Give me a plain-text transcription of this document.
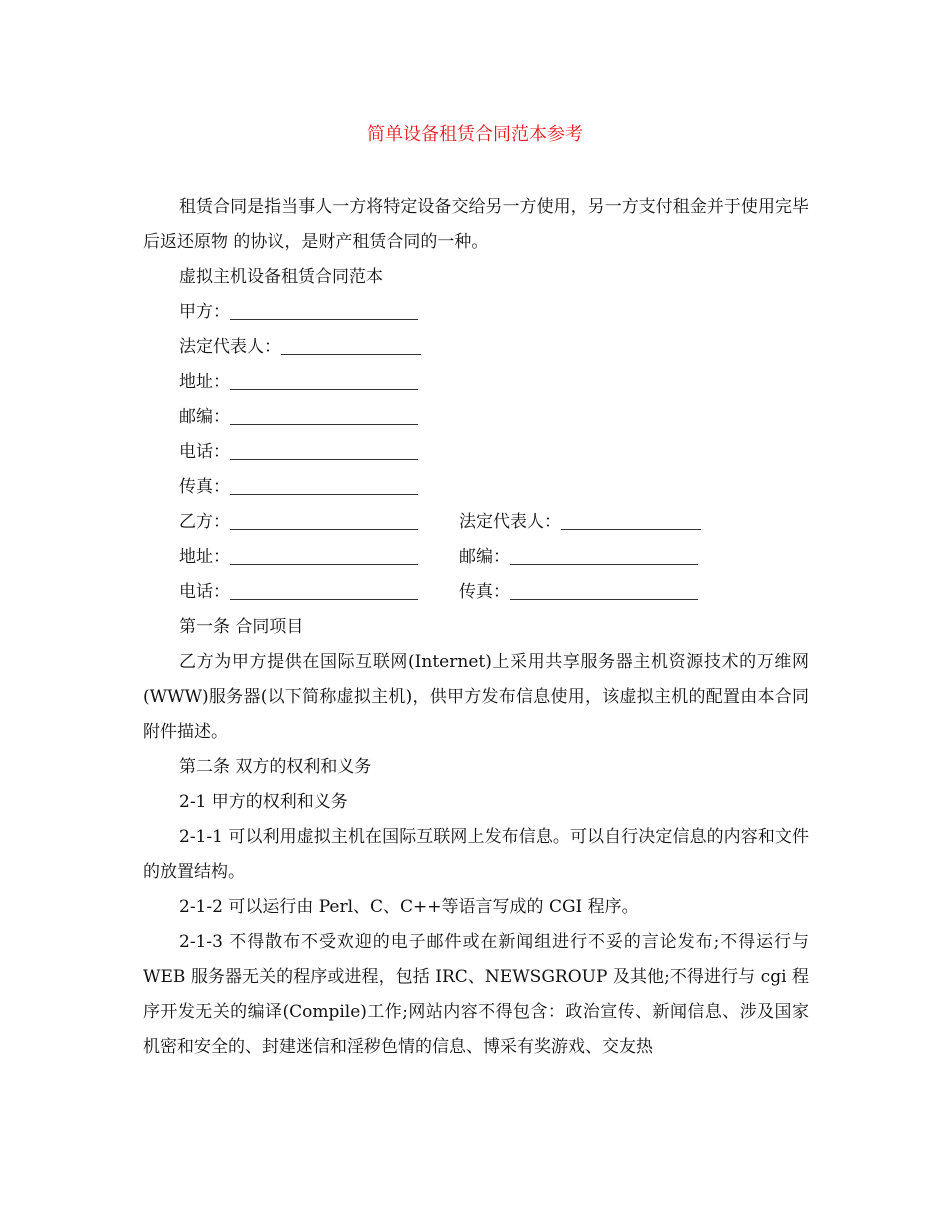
简单设备租赁合同范本参考

租赁合同是指当事人一方将特定设备交给另一方使用，另一方支付租金并于使用完毕后返还原物 的协议，是财产租赁合同的一种。

虚拟主机设备租赁合同范本

甲方：

法定代表人：

地址：

邮编：

电话：

传真：

乙方：	法定代表人：

地址：	邮编：

电话：	传真：

第一条 合同项目

乙方为甲方提供在国际互联网(Internet)上采用共享服务器主机资源技术的万维网(WWW)服务器(以下简称虚拟主机)，供甲方发布信息使用，该虚拟主机的配置由本合同附件描述。

第二条 双方的权利和义务

2-1 甲方的权利和义务

2-1-1 可以利用虚拟主机在国际互联网上发布信息。可以自行决定信息的内容和文件的放置结构。

2-1-2 可以运行由 Perl、C、C++等语言写成的 CGI 程序。

2-1-3 不得散布不受欢迎的电子邮件或在新闻组进行不妥的言论发布;不得运行与 WEB 服务器无关的程序或进程，包括 IRC、NEWSGROUP 及其他;不得进行与 cgi 程序开发无关的编译(Compile)工作;网站内容不得包含：政治宣传、新闻信息、涉及国家机密和安全的、封建迷信和淫秽色情的信息、博采有奖游戏、交友热
